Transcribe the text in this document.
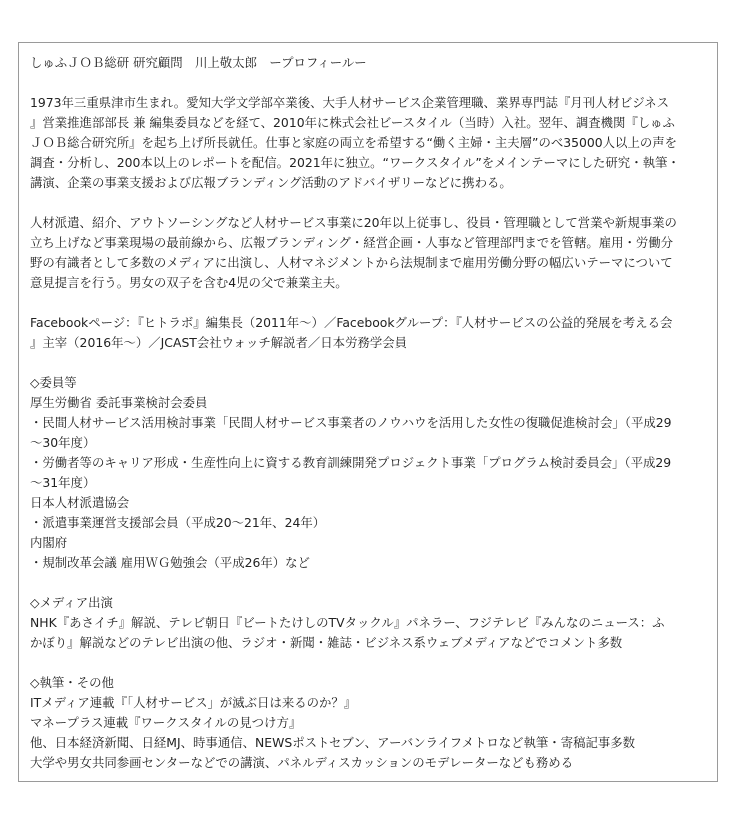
しゅふＪＯＢ総研 研究顧問　川上敬太郎　ープロフィールー
1973年三重県津市生まれ。愛知大学文学部卒業後、大手人材サービス企業管理職、業界専門誌『月刊人材ビジネス
』営業推進部部長 兼 編集委員などを経て、2010年に株式会社ビースタイル（当時）入社。翌年、調査機関『しゅふ
ＪＯＢ総合研究所』を起ち上げ所長就任。仕事と家庭の両立を希望する“働く主婦・主夫層”のべ35000人以上の声を
調査・分析し、200本以上のレポートを配信。2021年に独立。“ワークスタイル”をメインテーマにした研究・執筆・
講演、企業の事業支援および広報ブランディング活動のアドバイザリーなどに携わる。
人材派遣、紹介、アウトソーシングなど人材サービス事業に20年以上従事し、役員・管理職として営業や新規事業の
立ち上げなど事業現場の最前線から、広報ブランディング・経営企画・人事など管理部門までを管轄。雇用・労働分
野の有識者として多数のメディアに出演し、人材マネジメントから法規制まで雇用労働分野の幅広いテーマについて
意見提言を行う。男女の双子を含む4児の父で兼業主夫。
Facebookページ：『ヒトラボ』編集長（2011年～）／Facebookグループ：『人材サービスの公益的発展を考える会
』主宰（2016年～）／JCAST会社ウォッチ解説者／日本労務学会員
◇委員等
厚生労働省 委託事業検討会委員
・民間人材サービス活用検討事業「民間人材サービス事業者のノウハウを活用した女性の復職促進検討会」（平成29
～30年度）
・労働者等のキャリア形成・生産性向上に資する教育訓練開発プロジェクト事業「プログラム検討委員会」（平成29
～31年度）
日本人材派遣協会
・派遣事業運営支援部会員（平成20～21年、24年）
内閣府
・規制改革会議 雇用ＷＧ勉強会（平成26年）など
◇メディア出演
NHK『あさイチ』解説、テレビ朝日『ビートたけしのTVタックル』パネラー、フジテレビ『みんなのニュース：ふ
かぼり』解説などのテレビ出演の他、ラジオ・新聞・雑誌・ビジネス系ウェブメディアなどでコメント多数
◇執筆・その他
ITメディア連載『「人材サービス」が滅ぶ日は来るのか？』
マネープラス連載『ワークスタイルの見つけ方』
他、日本経済新聞、日経MJ、時事通信、NEWSポストセブン、アーバンライフメトロなど執筆・寄稿記事多数
大学や男女共同参画センターなどでの講演、パネルディスカッションのモデレーターなども務める
